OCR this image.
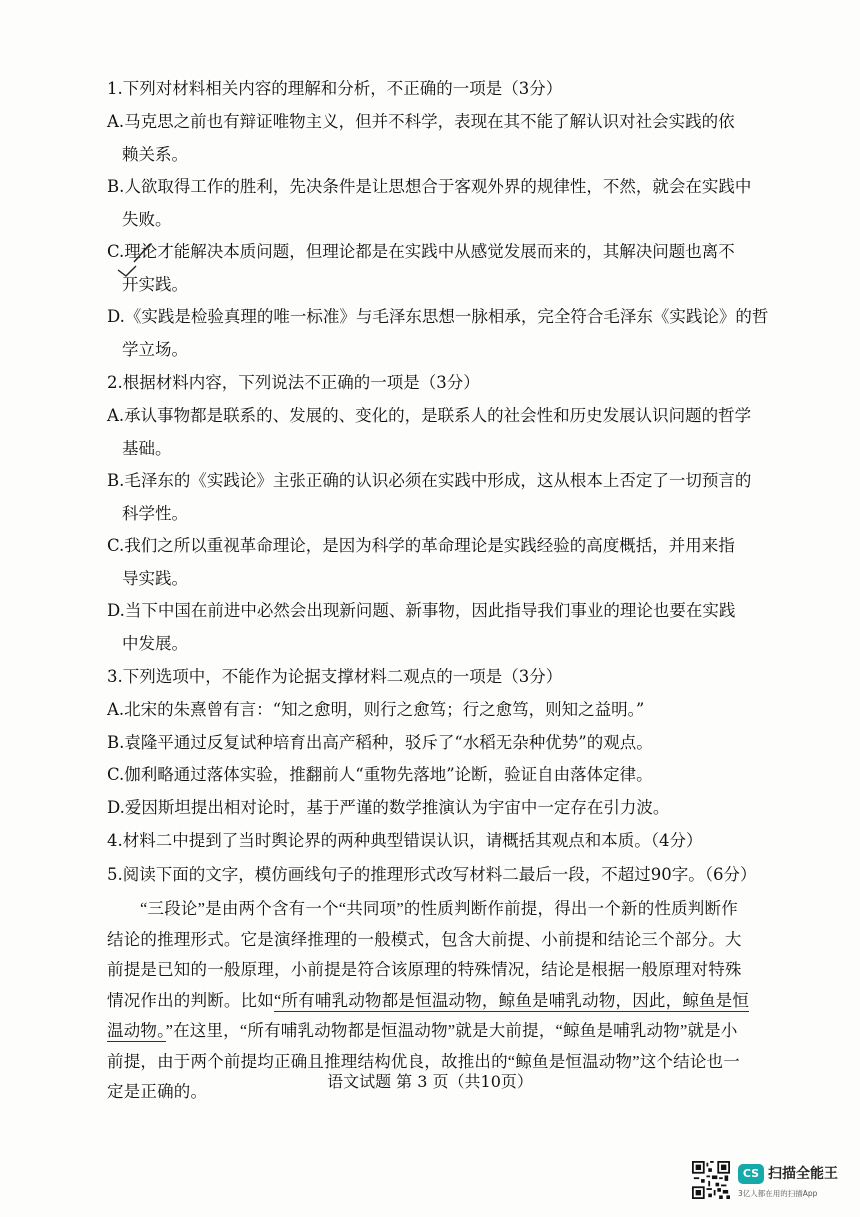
1.下列对材料相关内容的理解和分析，不正确的一项是（3分）
A.马克思之前也有辩证唯物主义，但并不科学，表现在其不能了解认识对社会实践的依
赖关系。
B.人欲取得工作的胜利，先决条件是让思想合于客观外界的规律性，不然，就会在实践中
失败。
C.理论才能解决本质问题，但理论都是在实践中从感觉发展而来的，其解决问题也离不
开实践。
D.《实践是检验真理的唯一标准》与毛泽东思想一脉相承，完全符合毛泽东《实践论》的哲
学立场。
2.根据材料内容，下列说法不正确的一项是（3分）
A.承认事物都是联系的、发展的、变化的，是联系人的社会性和历史发展认识问题的哲学
基础。
B.毛泽东的《实践论》主张正确的认识必须在实践中形成，这从根本上否定了一切预言的
科学性。
C.我们之所以重视革命理论，是因为科学的革命理论是实践经验的高度概括，并用来指
导实践。
D.当下中国在前进中必然会出现新问题、新事物，因此指导我们事业的理论也要在实践
中发展。
3.下列选项中，不能作为论据支撑材料二观点的一项是（3分）
A.北宋的朱熹曾有言：“知之愈明，则行之愈笃；行之愈笃，则知之益明。”
B.袁隆平通过反复试种培育出高产稻种，驳斥了“水稻无杂种优势”的观点。
C.伽利略通过落体实验，推翻前人“重物先落地”论断，验证自由落体定律。
D.爱因斯坦提出相对论时，基于严谨的数学推演认为宇宙中一定存在引力波。
4.材料二中提到了当时舆论界的两种典型错误认识，请概括其观点和本质。（4分）
5.阅读下面的文字，模仿画线句子的推理形式改写材料二最后一段，不超过90字。（6分）
“三段论”是由两个含有一个“共同项”的性质判断作前提，得出一个新的性质判断作
结论的推理形式。它是演绎推理的一般模式，包含大前提、小前提和结论三个部分。大
前提是已知的一般原理，小前提是符合该原理的特殊情况，结论是根据一般原理对特殊
情况作出的判断。比如“所有哺乳动物都是恒温动物，鲸鱼是哺乳动物，因此，鲸鱼是恒
温动物。”在这里，“所有哺乳动物都是恒温动物”就是大前提，“鲸鱼是哺乳动物”就是小
前提，由于两个前提均正确且推理结构优良，故推出的“鲸鱼是恒温动物”这个结论也一
定是正确的。
语文试题 第 3 页（共10页）
CS 扫描全能王
3亿人都在用的扫描App
